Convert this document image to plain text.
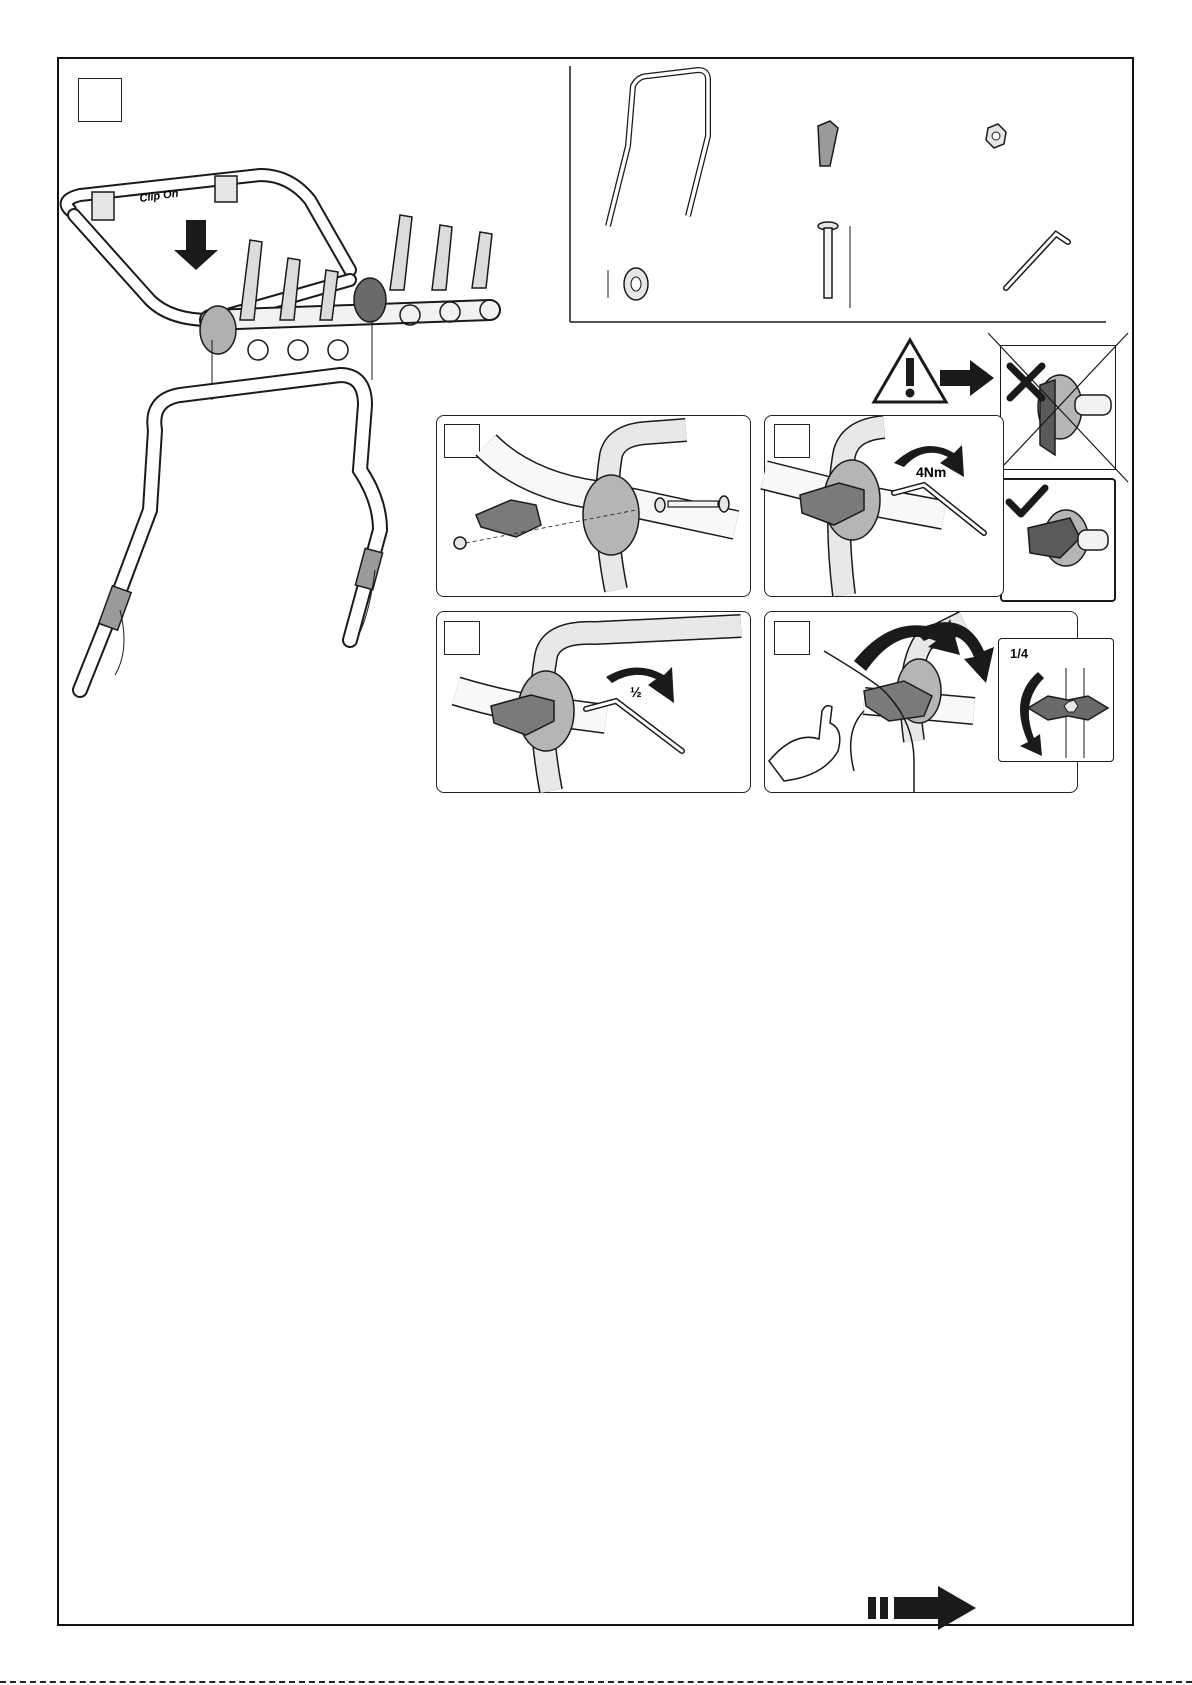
Clip On
4Nm
½
1/4
